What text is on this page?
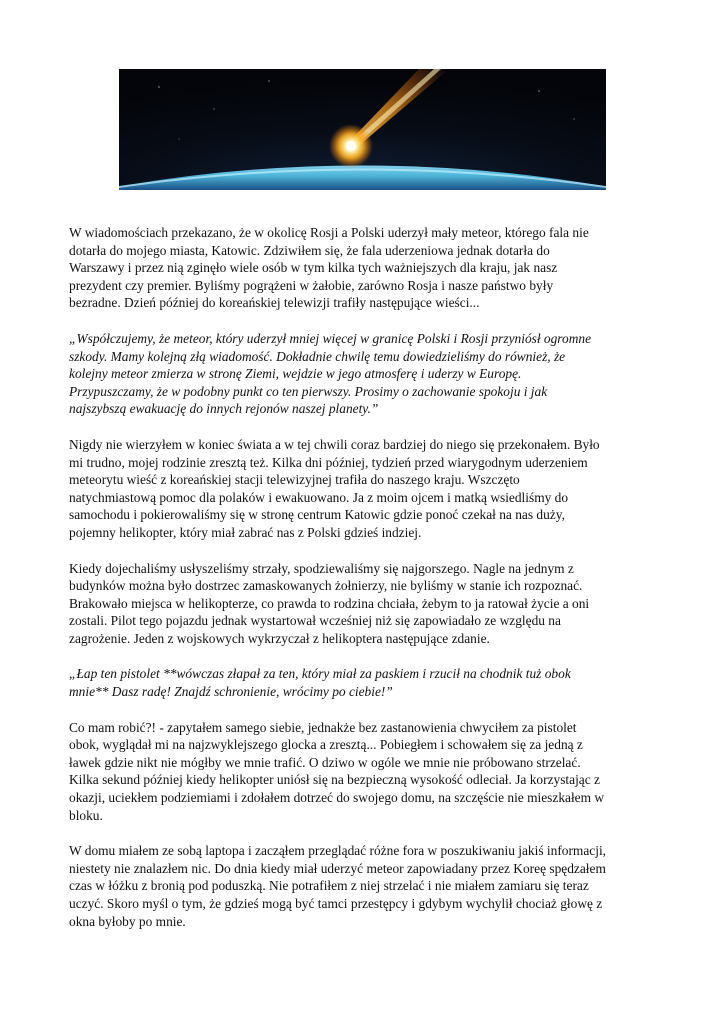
W wiadomościach przekazano, że w okolicę Rosji a Polski uderzył mały meteor, którego fala nie
dotarła do mojego miasta, Katowic. Zdziwiłem się, że fala uderzeniowa jednak dotarła do
Warszawy i przez nią zginęło wiele osób w tym kilka tych ważniejszych dla kraju, jak nasz
prezydent czy premier. Byliśmy pogrążeni w żałobie, zarówno Rosja i nasze państwo były
bezradne. Dzień później do koreańskiej telewizji trafiły następujące wieści...

„Współczujemy, że meteor, który uderzył mniej więcej w granicę Polski i Rosji przyniósł ogromne
szkody. Mamy kolejną złą wiadomość. Dokładnie chwilę temu dowiedzieliśmy do również, że
kolejny meteor zmierza w stronę Ziemi, wejdzie w jego atmosferę i uderzy w Europę.
Przypuszczamy, że w podobny punkt co ten pierwszy. Prosimy o zachowanie spokoju i jak
najszybszą ewakuację do innych rejonów naszej planety.”

Nigdy nie wierzyłem w koniec świata a w tej chwili coraz bardziej do niego się przekonałem. Było
mi trudno, mojej rodzinie zresztą też. Kilka dni później, tydzień przed wiarygodnym uderzeniem
meteorytu wieść z koreańskiej stacji telewizyjnej trafiła do naszego kraju. Wszczęto
natychmiastową pomoc dla polaków i ewakuowano. Ja z moim ojcem i matką wsiedliśmy do
samochodu i pokierowaliśmy się w stronę centrum Katowic gdzie ponoć czekał na nas duży,
pojemny helikopter, który miał zabrać nas z Polski gdzieś indziej.

Kiedy dojechaliśmy usłyszeliśmy strzały, spodziewaliśmy się najgorszego. Nagle na jednym z
budynków można było dostrzec zamaskowanych żołnierzy, nie byliśmy w stanie ich rozpoznać.
Brakowało miejsca w helikopterze, co prawda to rodzina chciała, żebym to ja ratował życie a oni
zostali. Pilot tego pojazdu jednak wystartował wcześniej niż się zapowiadało ze względu na
zagrożenie. Jeden z wojskowych wykrzyczał z helikoptera następujące zdanie.

„Łap ten pistolet **wówczas złapał za ten, który miał za paskiem i rzucił na chodnik tuż obok
mnie** Dasz radę! Znajdź schronienie, wrócimy po ciebie!”

Co mam robić?! - zapytałem samego siebie, jednakże bez zastanowienia chwyciłem za pistolet
obok, wyglądał mi na najzwyklejszego glocka a zresztą... Pobiegłem i schowałem się za jedną z
ławek gdzie nikt nie mógłby we mnie trafić. O dziwo w ogóle we mnie nie próbowano strzelać.
Kilka sekund później kiedy helikopter uniósł się na bezpieczną wysokość odleciał. Ja korzystając z
okazji, uciekłem podziemiami i zdołałem dotrzeć do swojego domu, na szczęście nie mieszkałem w
bloku.

W domu miałem ze sobą laptopa i zacząłem przeglądać różne fora w poszukiwaniu jakiś informacji,
niestety nie znalazłem nic. Do dnia kiedy miał uderzyć meteor zapowiadany przez Koreę spędzałem
czas w łóżku z bronią pod poduszką. Nie potrafiłem z niej strzelać i nie miałem zamiaru się teraz
uczyć. Skoro myśl o tym, że gdzieś mogą być tamci przestępcy i gdybym wychylił chociaż głowę z
okna byłoby po mnie.
